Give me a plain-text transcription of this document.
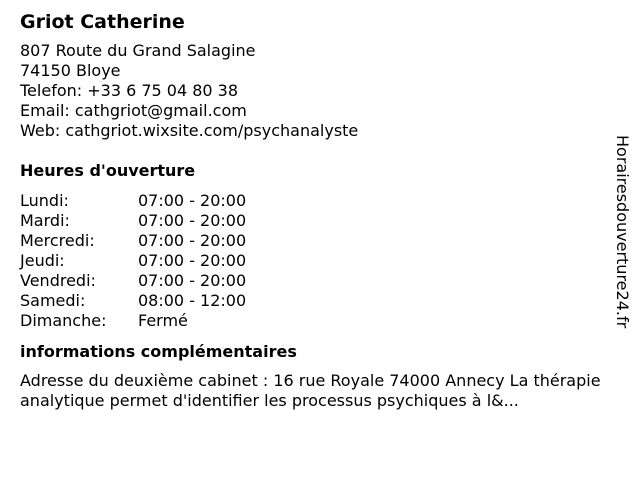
Griot Catherine
807 Route du Grand Salagine
74150 Bloye
Telefon: +33 6 75 04 80 38
Email: cathgriot@gmail.com
Web: cathgriot.wixsite.com/psychanalyste
Heures d'ouverture
Lundi:	07:00 - 20:00
Mardi:	07:00 - 20:00
Mercredi:	07:00 - 20:00
Jeudi:	07:00 - 20:00
Vendredi:	07:00 - 20:00
Samedi:	08:00 - 12:00
Dimanche:	Fermé
informations complémentaires
Adresse du deuxième cabinet : 16 rue Royale 74000 Annecy La thérapie analytique permet d'identifier les processus psychiques à l&...
Horairesdouverture24.fr
